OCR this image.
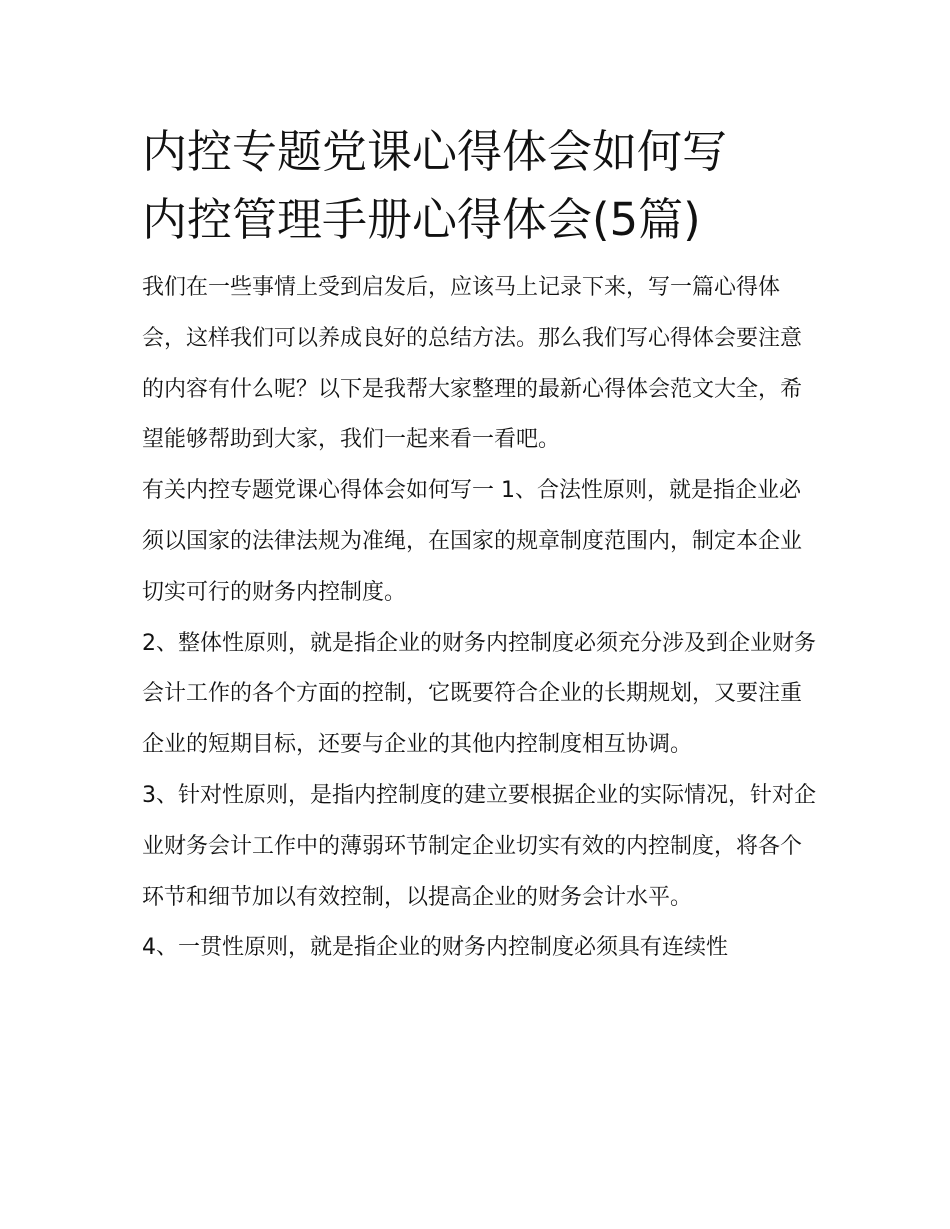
内控专题党课心得体会如何写
内控管理手册心得体会(5篇)

我们在一些事情上受到启发后，应该马上记录下来，写一篇心得体会，这样我们可以养成良好的总结方法。那么我们写心得体会要注意的内容有什么呢？以下是我帮大家整理的最新心得体会范文大全，希望能够帮助到大家，我们一起来看一看吧。

有关内控专题党课心得体会如何写一 1、合法性原则，就是指企业必须以国家的法律法规为准绳，在国家的规章制度范围内，制定本企业切实可行的财务内控制度。

2、整体性原则，就是指企业的财务内控制度必须充分涉及到企业财务会计工作的各个方面的控制，它既要符合企业的长期规划，又要注重企业的短期目标，还要与企业的其他内控制度相互协调。

3、针对性原则，是指内控制度的建立要根据企业的实际情况，针对企业财务会计工作中的薄弱环节制定企业切实有效的内控制度，将各个环节和细节加以有效控制，以提高企业的财务会计水平。

4、一贯性原则，就是指企业的财务内控制度必须具有连续性
